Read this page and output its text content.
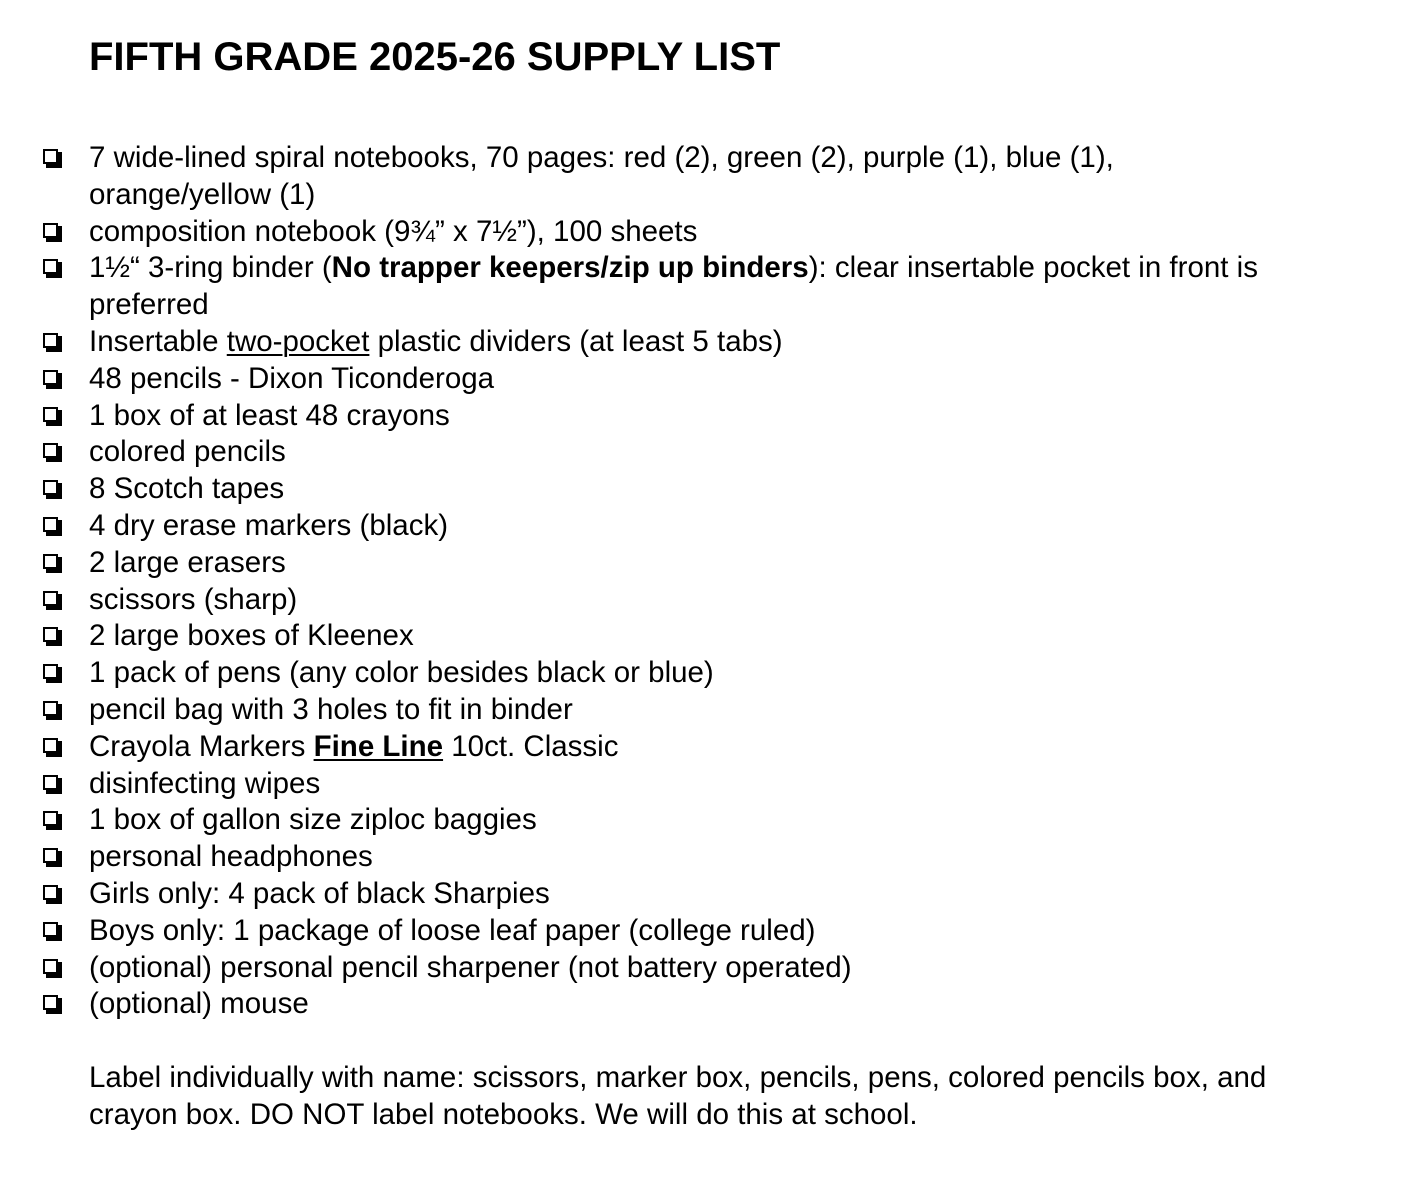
FIFTH GRADE 2025-26 SUPPLY LIST
7 wide-lined spiral notebooks, 70 pages: red (2), green (2), purple (1), blue (1), orange/yellow (1)
composition notebook (9¾” x 7½”), 100 sheets
1½“ 3-ring binder (No trapper keepers/zip up binders): clear insertable pocket in front is preferred
Insertable two-pocket plastic dividers (at least 5 tabs)
48 pencils - Dixon Ticonderoga
1 box of at least 48 crayons
colored pencils
8 Scotch tapes
4 dry erase markers (black)
2 large erasers
scissors (sharp)
2 large boxes of Kleenex
1 pack of pens (any color besides black or blue)
pencil bag with 3 holes to fit in binder
Crayola Markers Fine Line 10ct. Classic
disinfecting wipes
1 box of gallon size ziploc baggies
personal headphones
Girls only: 4 pack of black Sharpies
Boys only: 1 package of loose leaf paper (college ruled)
(optional) personal pencil sharpener (not battery operated)
(optional) mouse

Label individually with name: scissors, marker box, pencils, pens, colored pencils box, and crayon box. DO NOT label notebooks. We will do this at school.
